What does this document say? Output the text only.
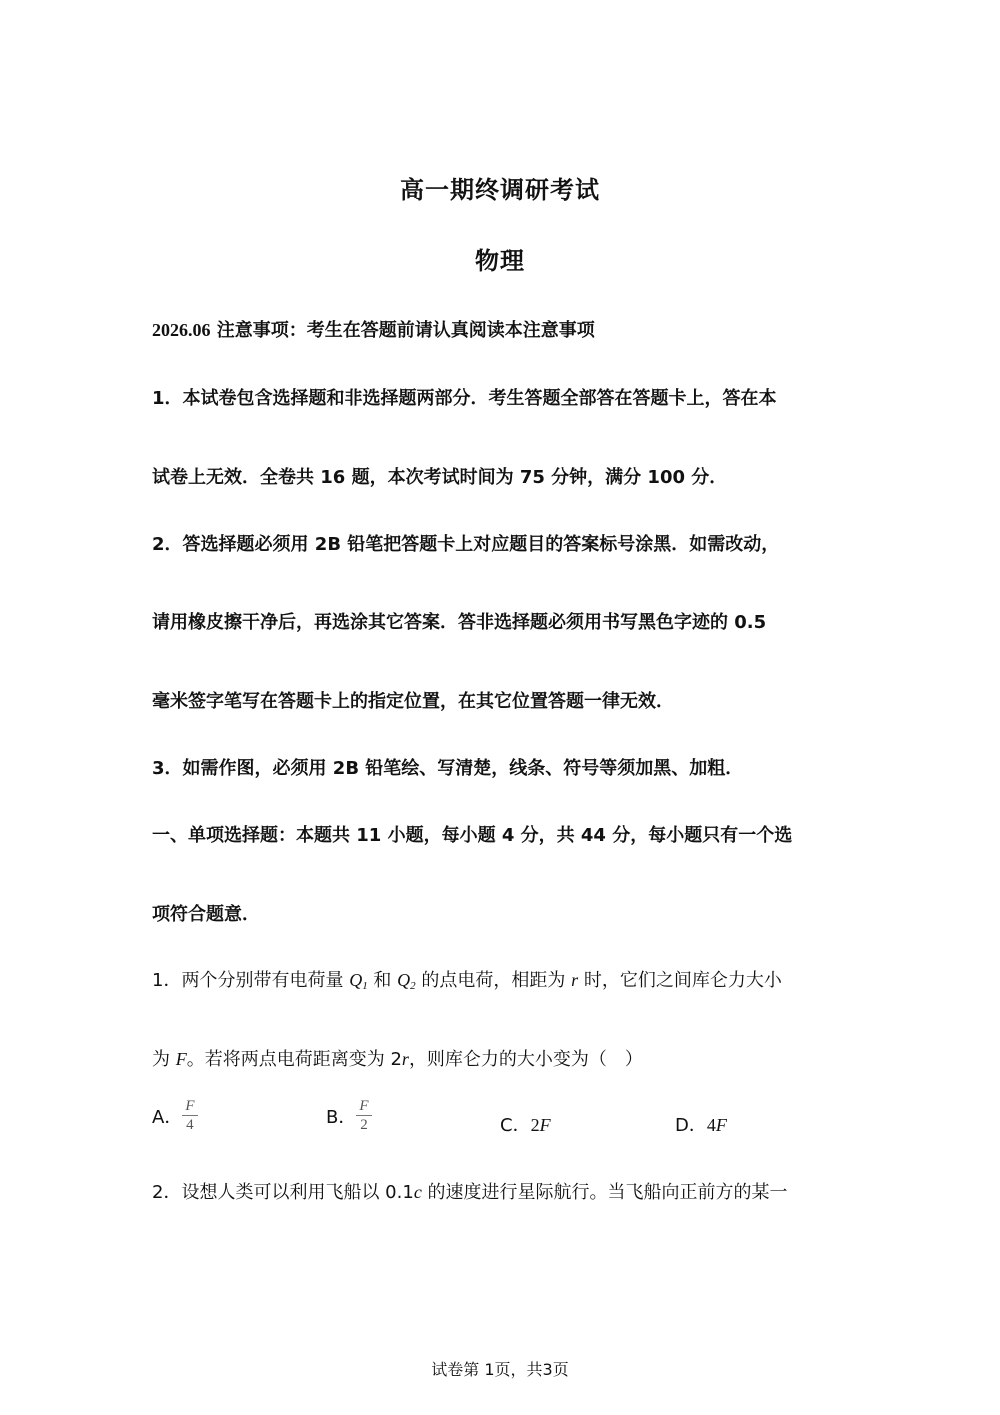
高一期终调研考试
物理
2026.06 注意事项：考生在答题前请认真阅读本注意事项
1．本试卷包含选择题和非选择题两部分．考生答题全部答在答题卡上，答在本
试卷上无效．全卷共 16 题，本次考试时间为 75 分钟，满分 100 分．
2．答选择题必须用 2B 铅笔把答题卡上对应题目的答案标号涂黑．如需改动，
请用橡皮擦干净后，再选涂其它答案．答非选择题必须用书写黑色字迹的 0.5
毫米签字笔写在答题卡上的指定位置，在其它位置答题一律无效．
3．如需作图，必须用 2B 铅笔绘、写清楚，线条、符号等须加黑、加粗．
一、单项选择题：本题共 11 小题，每小题 4 分，共 44 分，每小题只有一个选
项符合题意．
1．两个分别带有电荷量 $Q_1$ 和 $Q_2$ 的点电荷，相距为 r 时，它们之间库仑力大小
为 F。若将两点电荷距离变为 2r，则库仑力的大小变为（　）
A． $\frac{F}{4}$	B． $\frac{F}{2}$	C．2F	D．4F
2．设想人类可以利用飞船以 0.1c 的速度进行星际航行。当飞船向正前方的某一
试卷第 1页，共3页
